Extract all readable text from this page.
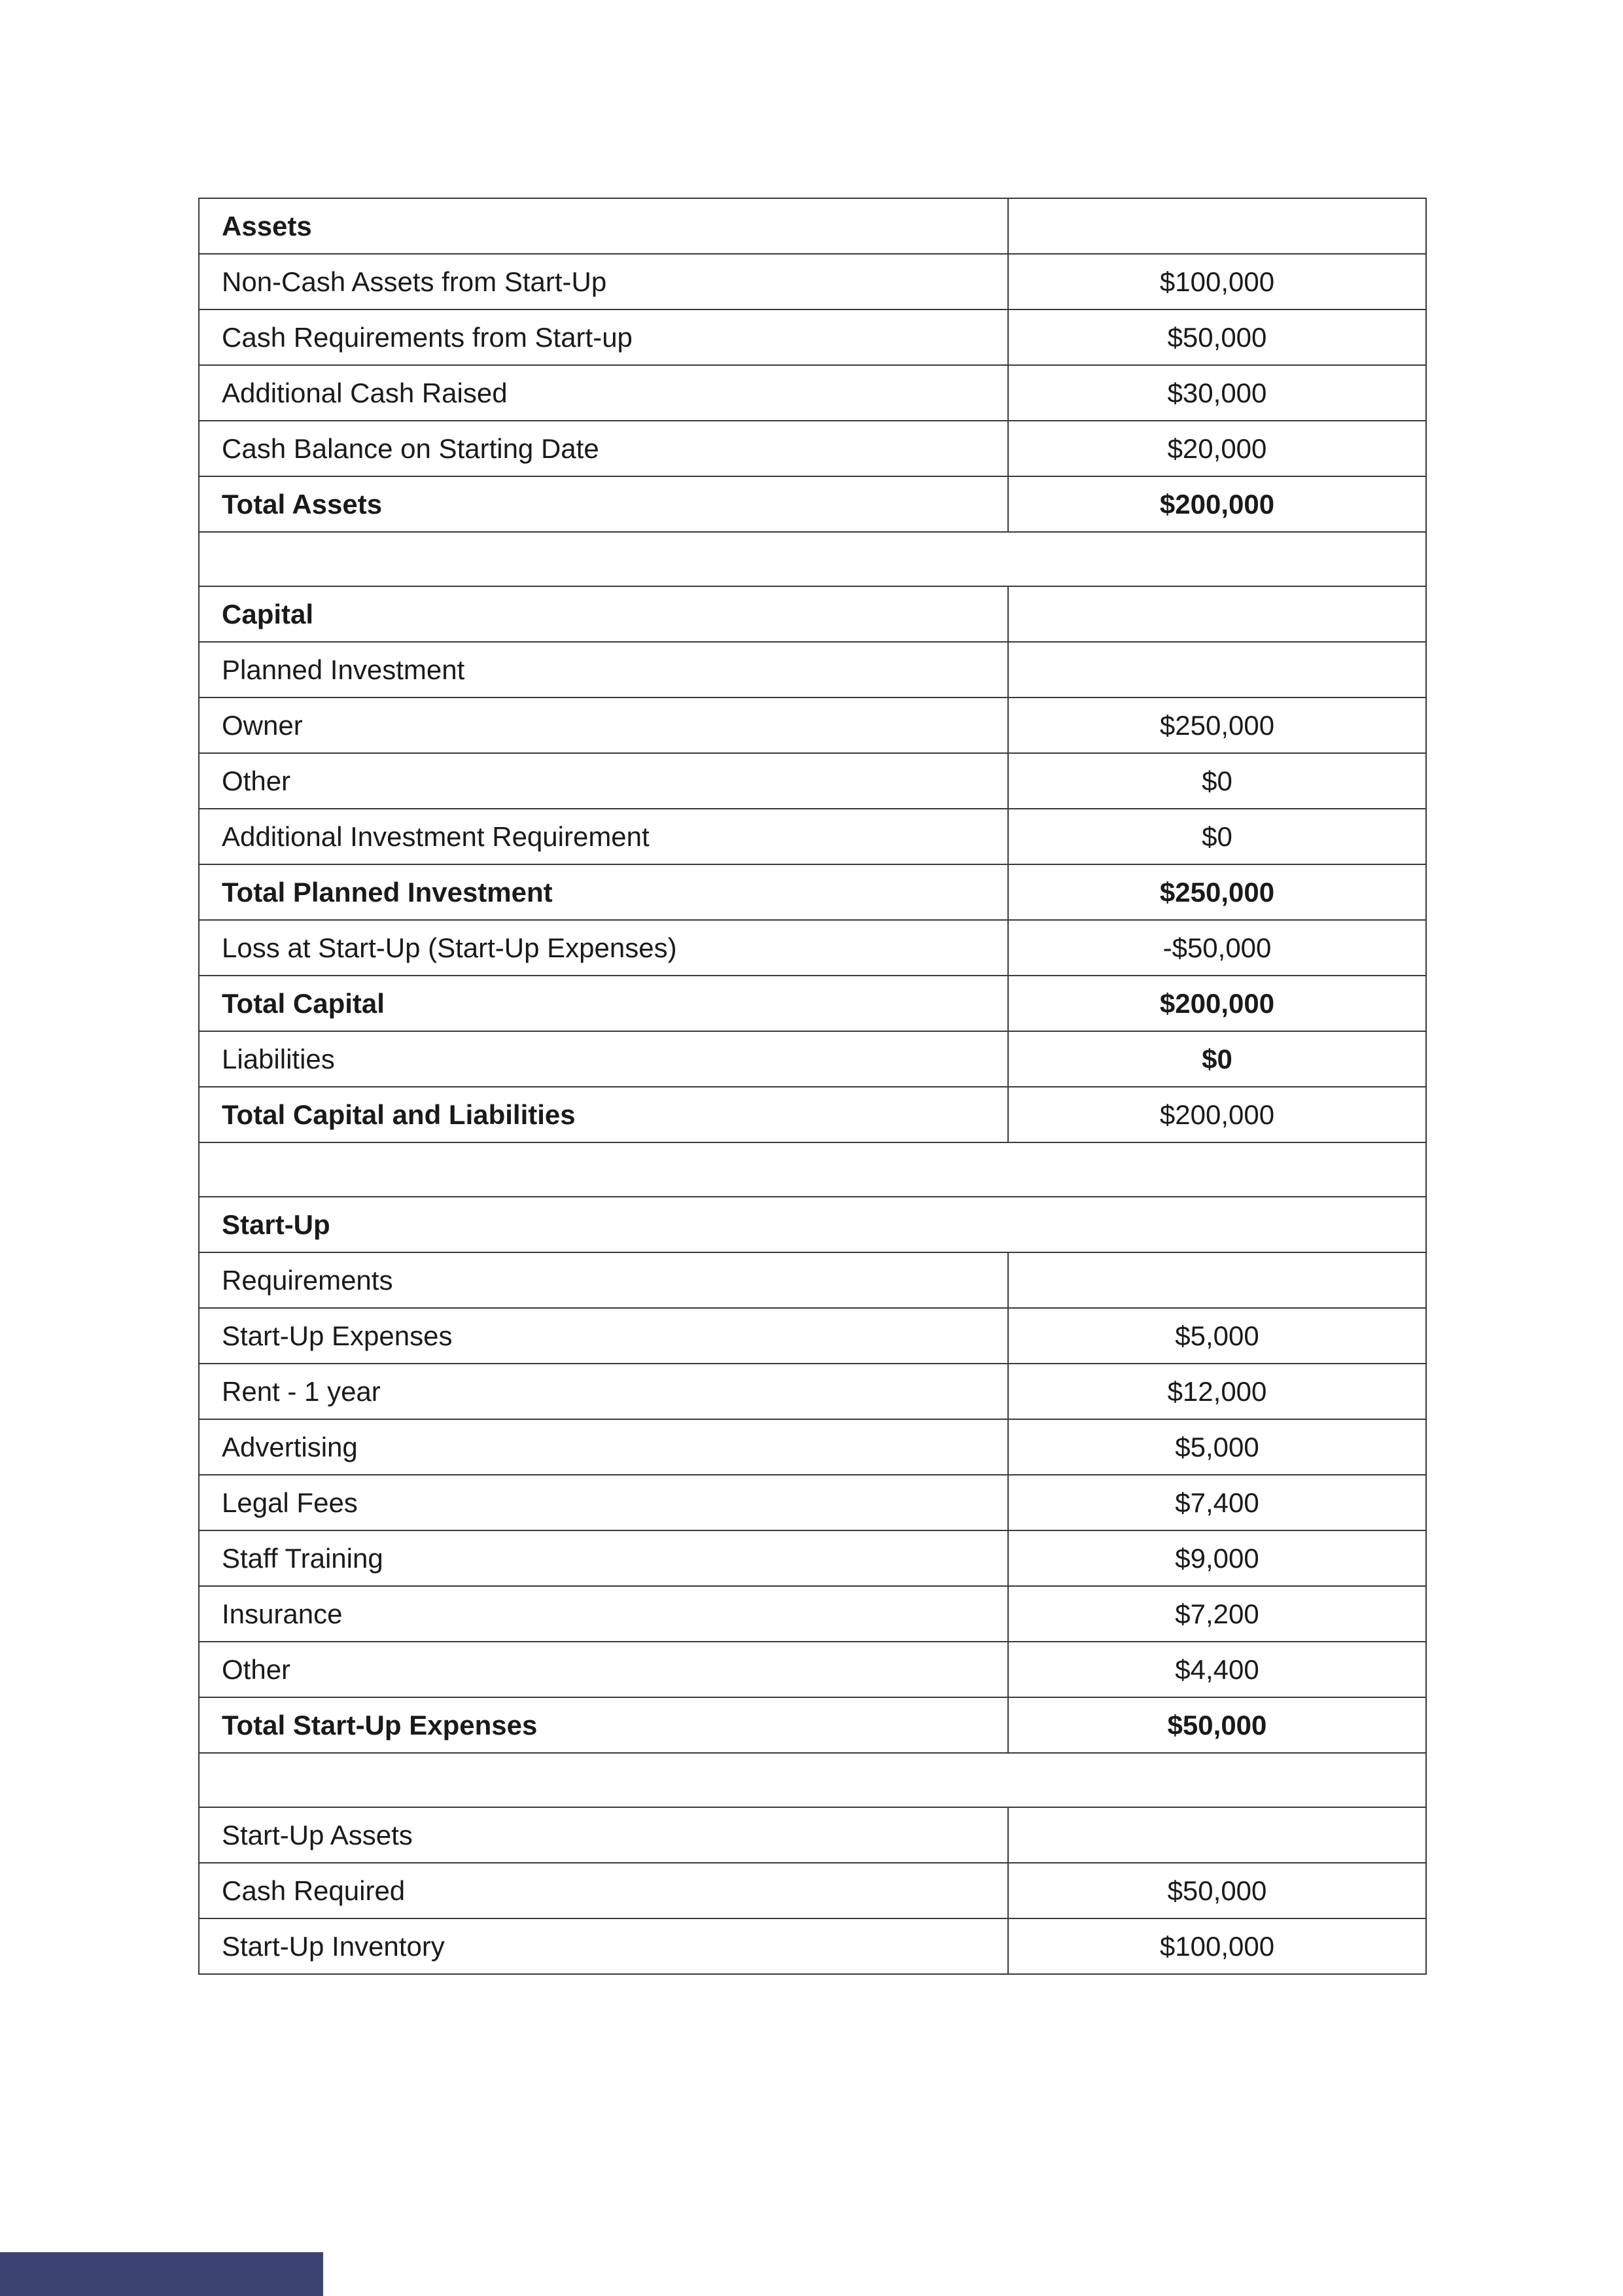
Assets	
Non-Cash Assets from Start-Up	$100,000
Cash Requirements from Start-up	$50,000
Additional Cash Raised	$30,000
Cash Balance on Starting Date	$20,000
Total Assets	$200,000

Capital	
Planned Investment	
Owner	$250,000
Other	$0
Additional Investment Requirement	$0
Total Planned Investment	$250,000
Loss at Start-Up (Start-Up Expenses)	-$50,000
Total Capital	$200,000
Liabilities	$0
Total Capital and Liabilities	$200,000

Start-Up	
Requirements	
Start-Up Expenses	$5,000
Rent - 1 year	$12,000
Advertising	$5,000
Legal Fees	$7,400
Staff Training	$9,000
Insurance	$7,200
Other	$4,400
Total Start-Up Expenses	$50,000

Start-Up Assets	
Cash Required	$50,000
Start-Up Inventory	$100,000
